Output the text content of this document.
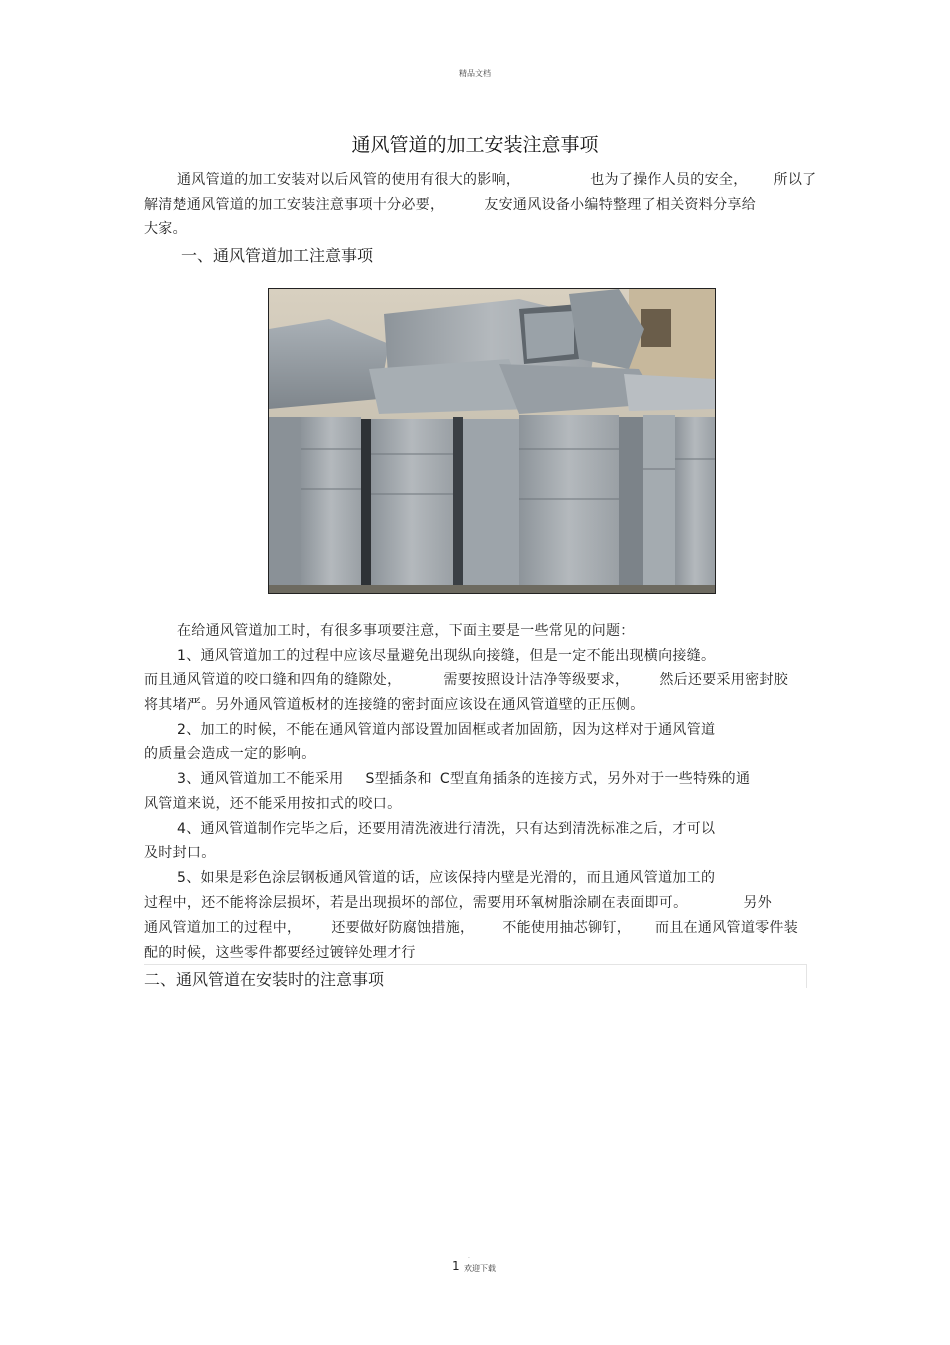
精品文档
通风管道的加工安装注意事项
通风管道的加工安装对以后风管的使用有很大的影响，	也为了操作人员的安全， 所以了
解清楚通风管道的加工安装注意事项十分必要，	友安通风设备小编特整理了相关资料分享给
大家。
一、通风管道加工注意事项
在给通风管道加工时，有很多事项要注意，下面主要是一些常见的问题：
1、通风管道加工的过程中应该尽量避免出现纵向接缝，但是一定不能出现横向接缝。
而且通风管道的咬口缝和四角的缝隙处，	需要按照设计洁净等级要求， 然后还要采用密封胶
将其堵严。另外通风管道板材的连接缝的密封面应该设在通风管道壁的正压侧。
2、加工的时候，不能在通风管道内部设置加固框或者加固筋，因为这样对于通风管道
的质量会造成一定的影响。
3、通风管道加工不能采用 S型插条和 C型直角插条的连接方式，另外对于一些特殊的通
风管道来说，还不能采用按扣式的咬口。
4、通风管道制作完毕之后，还要用清洗液进行清洗，只有达到清洗标准之后，才可以
及时封口。
5、如果是彩色涂层钢板通风管道的话，应该保持内壁是光滑的，而且通风管道加工的
过程中，还不能将涂层损坏，若是出现损坏的部位，需要用环氧树脂涂刷在表面即可。	另外
通风管道加工的过程中， 还要做好防腐蚀措施， 不能使用抽芯铆钉， 而且在通风管道零件装
配的时候，这些零件都要经过镀锌处理才行
二、通风管道在安装时的注意事项
.
1 欢迎下载
